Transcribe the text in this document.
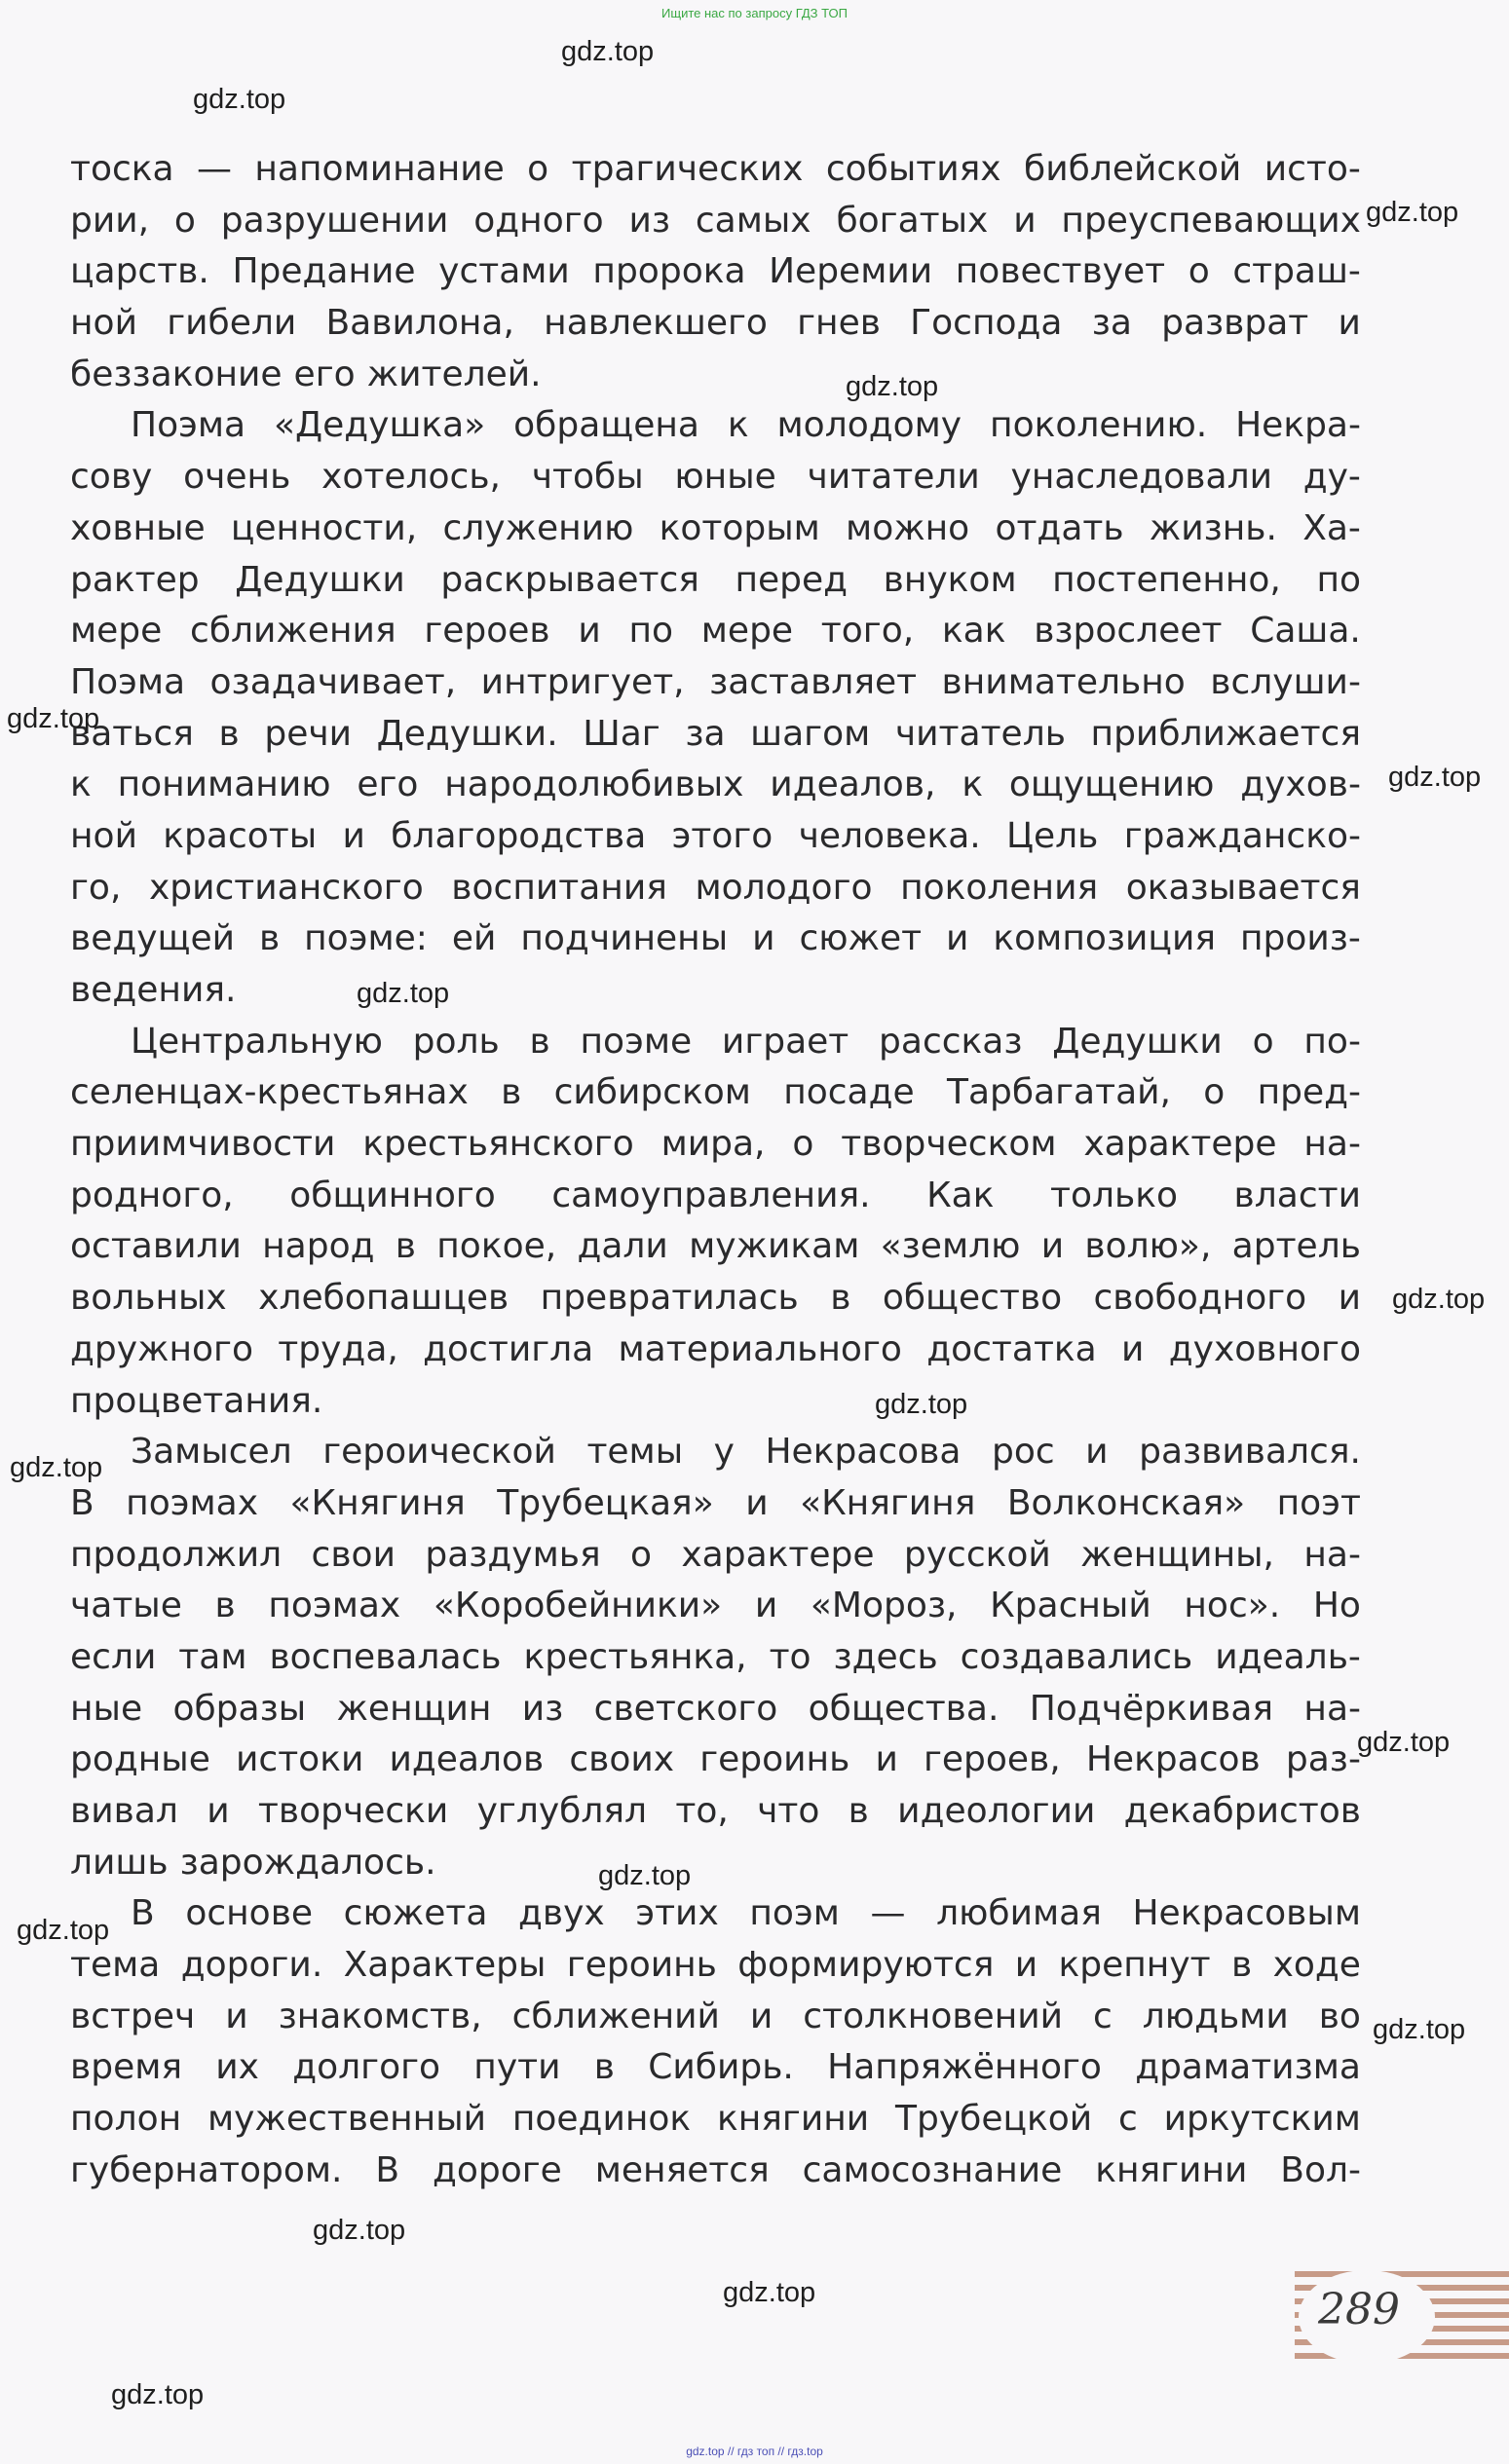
Ищите нас по запросу ГДЗ ТОП
тоска — напоминание о трагических событиях библейской исто-
рии, о разрушении одного из самых богатых и преуспевающих
царств. Предание устами пророка Иеремии повествует о страш-
ной гибели Вавилона, навлекшего гнев Господа за разврат и
беззаконие его жителей.
Поэма «Дедушка» обращена к молодому поколению. Некра-
сову очень хотелось, чтобы юные читатели унаследовали ду-
ховные ценности, служению которым можно отдать жизнь. Ха-
рактер Дедушки раскрывается перед внуком постепенно, по
мере сближения героев и по мере того, как взрослеет Саша.
Поэма озадачивает, интригует, заставляет внимательно вслуши-
ваться в речи Дедушки. Шаг за шагом читатель приближается
к пониманию его народолюбивых идеалов, к ощущению духов-
ной красоты и благородства этого человека. Цель гражданско-
го, христианского воспитания молодого поколения оказывается
ведущей в поэме: ей подчинены и сюжет и композиция произ-
ведения.
Центральную роль в поэме играет рассказ Дедушки о по-
селенцах-крестьянах в сибирском посаде Тарбагатай, о пред-
приимчивости крестьянского мира, о творческом характере на-
родного, общинного самоуправления. Как только власти
оставили народ в покое, дали мужикам «землю и волю», артель
вольных хлебопашцев превратилась в общество свободного и
дружного труда, достигла материального достатка и духовного
процветания.
Замысел героической темы у Некрасова рос и развивался.
В поэмах «Княгиня Трубецкая» и «Княгиня Волконская» поэт
продолжил свои раздумья о характере русской женщины, на-
чатые в поэмах «Коробейники» и «Мороз, Красный нос». Но
если там воспевалась крестьянка, то здесь создавались идеаль-
ные образы женщин из светского общества. Подчёркивая на-
родные истоки идеалов своих героинь и героев, Некрасов раз-
вивал и творчески углублял то, что в идеологии декабристов
лишь зарождалось.
В основе сюжета двух этих поэм — любимая Некрасовым
тема дороги. Характеры героинь формируются и крепнут в ходе
встреч и знакомств, сближений и столкновений с людьми во
время их долгого пути в Сибирь. Напряжённого драматизма
полон мужественный поединок княгини Трубецкой с иркутским
губернатором. В дороге меняется самосознание княгини Вол-
gdz.top
gdz.top
gdz.top
gdz.top
gdz.top
gdz.top
gdz.top
gdz.top
gdz.top
gdz.top
gdz.top
gdz.top
gdz.top
gdz.top
gdz.top
gdz.top
gdz.top
289
gdz.top // гдз топ // гдз.top
